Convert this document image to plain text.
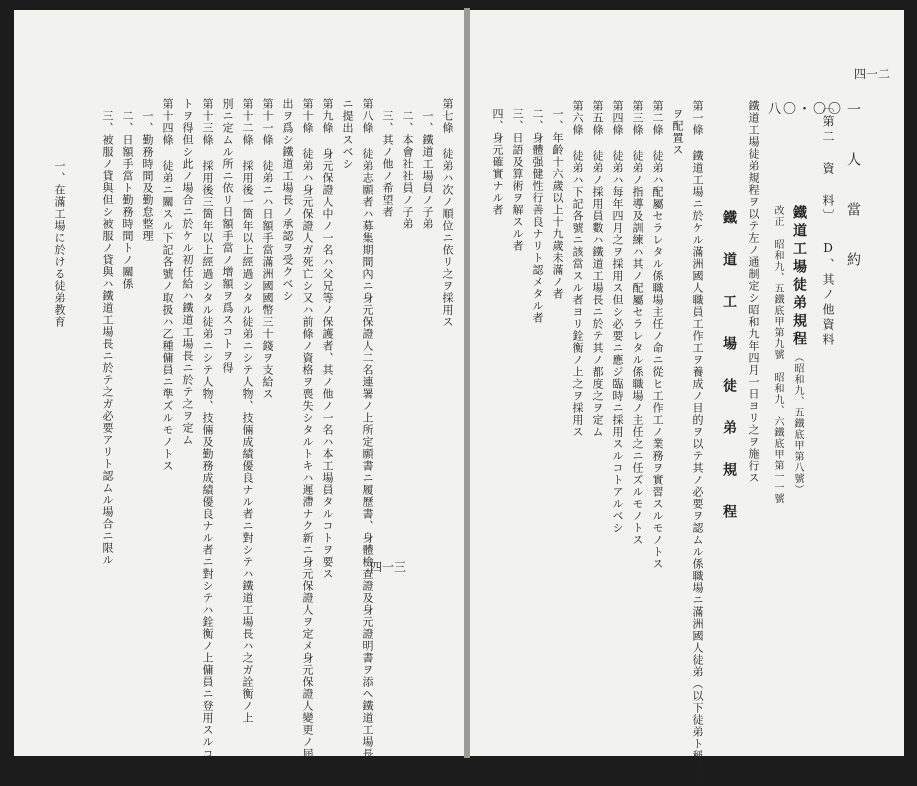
四一三
第七條 徒弟ハ次ノ順位ニ依リ之ヲ採用ス
一、鐵道工場員ノ子弟
二、本會社社員ノ子弟
三、其ノ他ノ希望者
第八條 徒弟志願者ハ募集期間內ニ身元保證人二名連署ノ上所定願書ニ履歷書、身體檢查證及身元證明書ヲ添ヘ鐵道工場長
ニ提出スベシ
第九條 身元保證人中ノ一名ハ父兄等ノ保護者、其ノ他ノ一名ハ本工場員タルコトヲ要ス
第十條 徒弟ハ身元保證人ガ死亡シ又ハ前條ノ資格ヲ喪失シタルトキハ遲滯ナク新ニ身元保證人ヲ定メ身元保證人變更ノ屆
出ヲ爲シ鐵道工場長ノ承認ヲ受クベシ
第十一條 徒弟ニハ日額手當滿洲國國幣三十錢ヲ支給ス
第十二條 採用後一箇年以上經過シタル徒弟ニシテ人物、技倆成績優良ナル者ニ對シテハ鐵道工場長ハ之ガ詮衡ノ上
別ニ定ムル所ニ依リ日額手當ノ增額ヲ爲スコトヲ得
第十三條 採用後三箇年以上經過シタル徒弟ニシテ人物、技倆及勤務成績優良ナル者ニ對シテハ銓衡ノ上傭員ニ登用スルコ
トヲ得但シ此ノ場合ニ於ケル初任給ハ鐵道工場長ニ於テ之ヲ定ム
第十四條 徒弟ニ關スル下記各號ノ取扱ハ乙種傭員ニ準ズルモノトス
一、勤務時間及勤怠整理
二、日額手當ト勤務時間トノ關係
三、被服ノ貸與但シ被服ノ貸與ハ鐵道工場長ニ於テ之ガ必要アリト認ムル場合ニ限ル
一、在滿工場に於ける徒弟教育	〔第二 資 料〕 D、其ノ他資料
四一二
一 人 當 約
八〇・〇〇
鐵道工場徒弟規程
（昭和九、五鐵底甲第八號）
改正 昭和九、五鐵底甲第九號 昭和九、六鐵底甲第一一號
鐵道工場徒弟規程ヲ以テ左ノ通制定シ昭和九年四月一日ヨリ之ヲ施行ス
鐵 道 工 場 徒 弟 規 程
第一條 鐵道工場ニ於ケル滿洲國人職員工作工ヲ養成ノ目的ヲ以テ其ノ必要ヲ認ムル係職場ニ滿洲國人徒弟（以下徒弟ト稱ス）
ヲ配置ス
第二條 徒弟ハ配屬セラレタル係職場主任ノ命ニ從ヒ工作工ノ業務ヲ實習スルモノトス
第三條 徒弟ノ指導及訓練ハ其ノ配屬セラレタル係職場ノ主任之ニ任ズルモノトス
第四條 徒弟ハ每年四月之ヲ採用ス但シ必要ニ應ジ臨時ニ採用スルコトアルベシ
第五條 徒弟ノ採用員數ハ鐵道工場長ニ於テ其ノ都度之ヲ定ム
第六條 徒弟ハ下記各號ニ該當スル者ヨリ銓衡ノ上之ヲ採用ス
一、年齡十六歲以上十九歲未滿ノ者
二、身體强健性行善良ナリト認メタル者
三、日語及算術ヲ解スル者
四、身元確實ナル者
